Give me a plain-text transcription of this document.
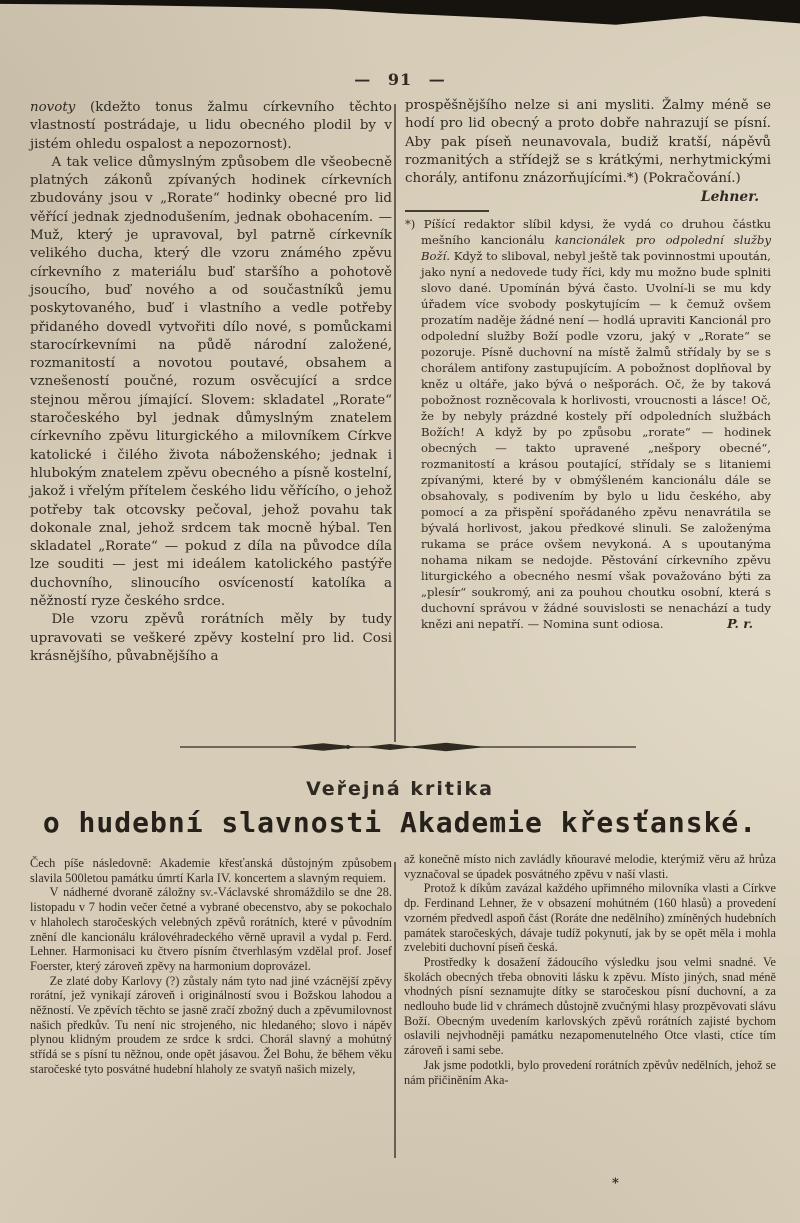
— 91 —

novoty (kdežto tonus žalmu církevního těchto vlastností postrádaje, u lidu obecného plodil by v jistém ohledu ospalost a nepozornost).

A tak velice důmyslným způsobem dle všeobecně platných zákonů zpívaných hodinek církevních zbudovány jsou v „Rorate“ hodinky obecné pro lid věřící jednak zjednodušením, jednak obohacením. — Muž, který je upravoval, byl patrně církevník velikého ducha, který dle vzoru známého zpěvu církevního z materiálu buď staršího a pohotově jsoucího, buď nového a od součastníků jemu poskytovaného, buď i vlastního a vedle potřeby přidaného dovedl vytvořiti dílo nové, s pomůckami starocírkevními na půdě národní založené, rozmanitostí a novotou poutavé, obsahem a vznešeností poučné, rozum osvěcující a srdce stejnou měrou jímající. Slovem: skladatel „Rorate“ staročeského byl jednak důmyslným znatelem církevního zpěvu liturgického a milovníkem Církve katolické i čilého života náboženského; jednak i hlubokým znatelem zpěvu obecného a písně kostelní, jakož i vřelým přítelem českého lidu věřícího, o jehož potřeby tak otcovsky pečoval, jehož povahu tak dokonale znal, jehož srdcem tak mocně hýbal. Ten skladatel „Rorate“ — pokud z díla na původce díla lze souditi — jest mi ideálem katolického pastýře duchovního, slinoucího osvíceností katolíka a něžností ryze českého srdce.

Dle vzoru zpěvů rorátních měly by tudy upravovati se veškeré zpěvy kostelní pro lid. Cosi krásnějšího, půvabnějšího a

prospěšnějšího nelze si ani mysliti. Žalmy méně se hodí pro lid obecný a proto dobře nahrazují se písní. Aby pak píseň neunavovala, budiž kratší, nápěvů rozmanitých a střídejž se s krátkými, nerhytmickými chorály, antifonu znázorňujícími.*) (Pokračování.)

Lehner.

*) Píšící redaktor slíbil kdysi, že vydá co druhou částku mešního kancionálu kancionálek pro odpolední služby Boží. Když to sliboval, nebyl ještě tak povinnostmi upoután, jako nyní a nedovede tudy říci, kdy mu možno bude splniti slovo dané. Upomínán bývá často. Uvolní-li se mu kdy úřadem více svobody poskytujícím — k čemuž ovšem prozatím naděje žádné není — hodlá upraviti Kancionál pro odpolední služby Boží podle vzoru, jaký v „Rorate“ se pozoruje. Písně duchovní na místě žalmů střídaly by se s chorálem antifony zastupujícím. A pobožnost doplňoval by kněz u oltáře, jako bývá o nešporách. Oč, že by taková pobožnost rozněcovala k horlivosti, vroucnosti a lásce! Oč, že by nebyly prázdné kostely pří odpoledních službách Božích! A když by po způsobu „rorate“ — hodinek obecných — takto upravené „nešpory obecné“, rozmanitostí a krásou poutající, střídaly se s litaniemi zpívanými, které by v obmýšleném kancionálu dále se obsahovaly, s podivením by bylo u lidu českého, aby pomocí a za přispění spořádaného zpěvu nenavrátila se bývalá horlivost, jakou předkové slinuli. Se založenýma rukama se práce ovšem nevykoná. A s upoutanýma nohama nikam se nedojde. Pěstování církevního zpěvu liturgického a obecného nesmí však považováno býti za „plesír“ soukromý, ani za pouhou choutku osobní, která s duchovní správou v žádné souvislosti se nenachází a tudy knězi ani nepatří. — Nomina sunt odiosa.	P. r.
Veřejná kritika
o hudební slavnosti Akademie křesťanské.

Čech píše následovně: Akademie křesťanská důstojným způsobem slavila 500letou památku úmrtí Karla IV. koncertem a slavným requiem.

V nádherné dvoraně záložny sv.-Václavské shromáždilo se dne 28. listopadu v 7 hodin večer četné a vybrané obecenstvo, aby se pokochalo v hlaholech staročeských velebných zpěvů rorátních, které v původním znění dle kancionálu královéhradeckého věrně upravil a vydal p. Ferd. Lehner. Harmonisaci ku čtvero písním čtverhlasým vzdělal prof. Josef Foerster, který zároveň zpěvy na harmonium doprovázel.

Ze zlaté doby Karlovy (?) zůstaly nám tyto nad jiné vzácnější zpěvy rorátní, jež vynikají zároveň i originálností svou i Božskou lahodou a něžností. Ve zpěvích těchto se jasně zračí zbožný duch a zpěvumilovnost našich předkův. Tu není nic strojeného, nic hledaného; slovo i nápěv plynou klidným proudem ze srdce k srdci. Chorál slavný a mohútný střídá se s písní tu něžnou, onde opět jásavou. Žel Bohu, že během věku staročeské tyto posvátné hudební hlaholy ze svatyň našich mizely,

až konečně místo nich zavládly kňouravé melodie, kterýmiž věru až hrůza vyznačoval se úpadek posvátného zpěvu v naší vlasti.

Protož k díkům zavázal každého upřimného milovníka vlasti a Církve dp. Ferdinand Lehner, že v obsazení mohútném (160 hlasů) a provedení vzorném předvedl aspoň část (Roráte dne nedělního) zmíněných hudebních památek staročeských, dávaje tudíž pokynutí, jak by se opět měla i mohla zvelebiti duchovní píseň česká.

Prostředky k dosažení žádoucího výsledku jsou velmi snadné. Ve školách obecných třeba obnoviti lásku k zpěvu. Místo jiných, snad méně vhodných písní seznamujte dítky se staročeskou písní duchovní, a za nedlouho bude lid v chrámech důstojně zvučnými hlasy prozpěvovati slávu Boží. Obecným uvedením karlovských zpěvů rorátních zajisté bychom oslavili nejvhodněji památku nezapomenutelného Otce vlasti, ctíce tím zároveň i sami sebe.

Jak jsme podotkli, bylo provedení rorátních zpěvův nedělních, jehož se nám přičiněním Aka-

*
